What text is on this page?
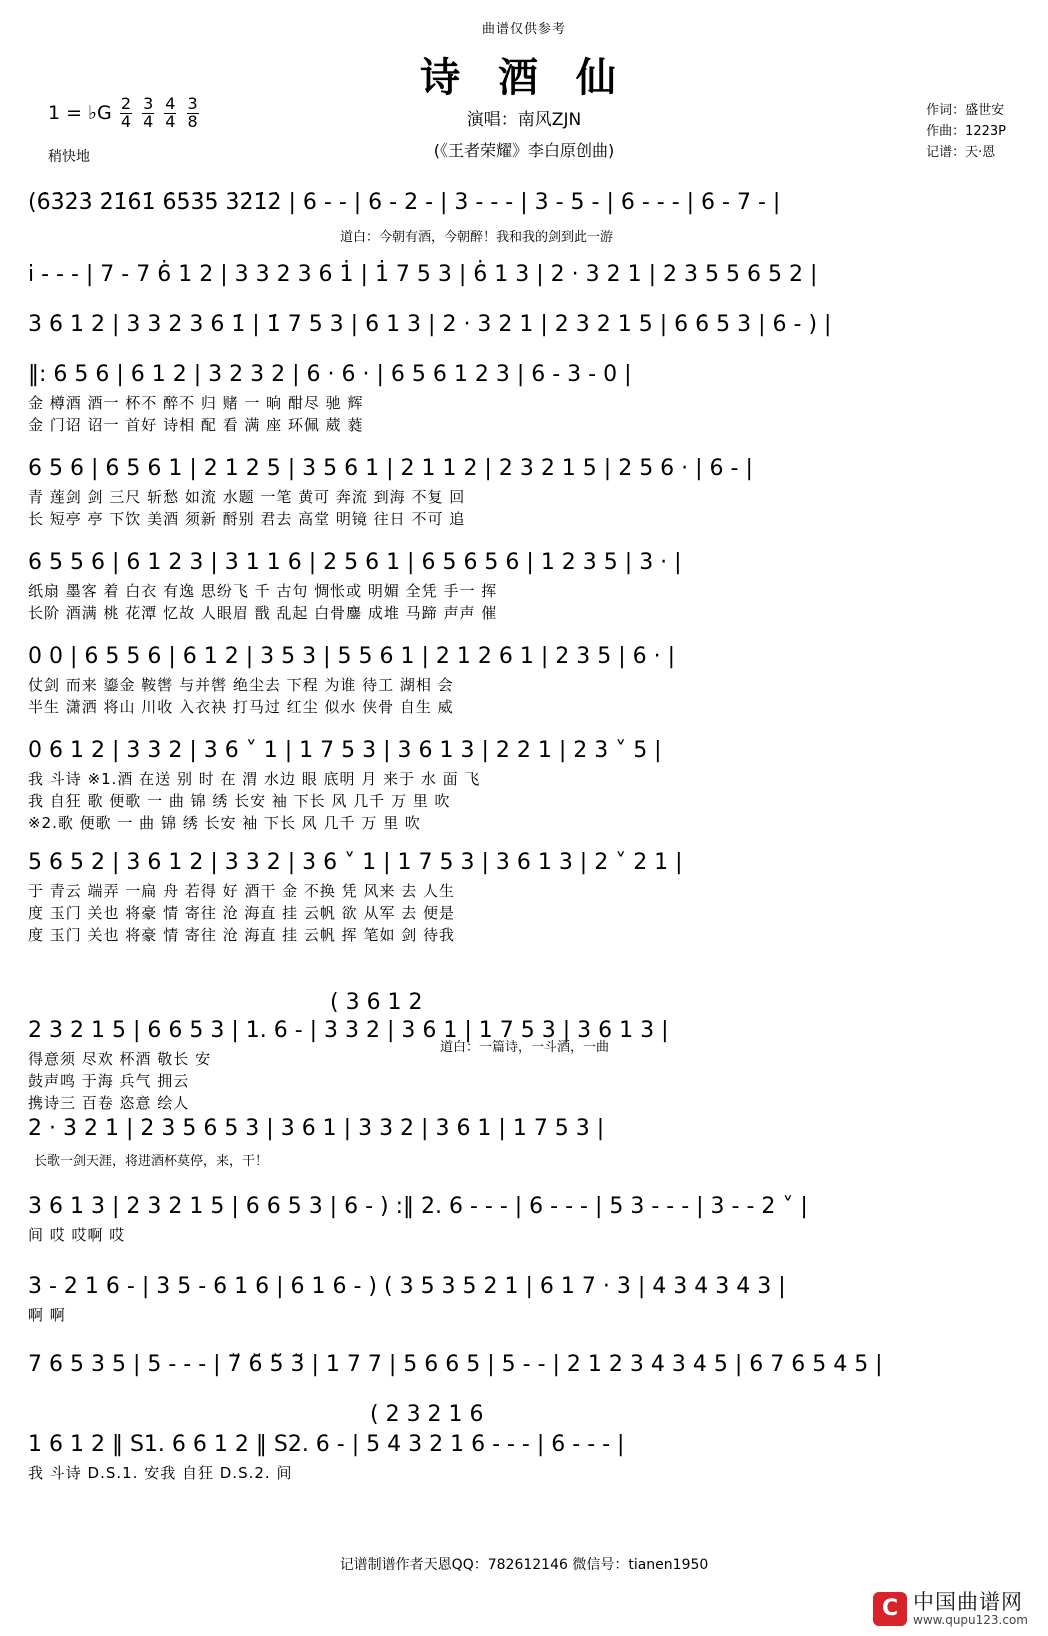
曲谱仅供参考
诗 酒 仙
演唱：南风ZJN
(《王者荣耀》李白原创曲)
作词：盛世安
作曲：1223P
记谱：天·恩
1 = ♭G $\frac{2}{4}$
$\frac{3}{4}$
$\frac{4}{4}$
$\frac{3}{8}$
稍快地
(6̇3̇2̇3̇ 2̇1̇6̇1̇ 6̇5̇3̇5̇ 3̇2̇1̇2̇ | 6 - - | 6 - 2 - | 3 - - - | 3 - 5 - | 6 - - - | 6 - 7 - |
道白：今朝有酒，今朝醉！我和我的剑到此一游
i̇ - - - | 7 - 7 6̇ 1 2 | 3 3 2 3 6 1̇ | 1̇ 7 5 3 | 6̇ 1 3 | 2 · 3 2 1 | 2 3 5 5 6 5 2 |
3 6̇ 1 2 | 3 3 2 3 6 1̇ | 1̇ 7 5 3 | 6̇ 1 3 | 2 · 3 2 1 | 2 3 2 1 5 | 6 6̇ 5 3 | 6 - ) |
‖: 6 5 6 | 6 1 2 | 3 2 3 2 | 6 · 6 · | 6 5 6 1 2 3 | 6 - 3 - 0 |
金 樽酒 酒一 杯不 醉不 归 赌 一 晌 酣尽 驰 辉
金 门诏 诏一 首好 诗相 配 看 满 座 环佩 葳 蕤
6 5 6 | 6 5 6 1 | 2 1 2 5 | 3 5 6 1 | 2 1 1 2 | 2 3 2 1 5 | 2 5 6 · | 6 - |
青 莲剑 剑 三尺 斩愁 如流 水题 一笔 黄可 奔流 到海 不复 回
长 短亭 亭 下饮 美酒 须新 酹别 君去 高堂 明镜 往日 不可 追
6 5 5 6 | 6 1 2 3 | 3 1 1 6 | 2 5 6 1 | 6 5 6 5 6 | 1 2 3 5 | 3 · |
纸扇 墨客 着 白衣 有逸 思纷飞 千 古句 惆怅或 明媚 全凭 手一 挥
长阶 酒满 桃 花潭 忆故 人眼眉 戬 乱起 白骨鏖 成堆 马蹄 声声 催
0 0 | 6 5 5 6 | 6 1 2 | 3 5 3 | 5 5 6 1 | 2 1 2 6 1 | 2 3 5 | 6 · |
仗剑 而来 鎏金 鞍辔 与并辔 绝尘去 下程 为谁 待工 湖相 会
半生 潇洒 将山 川收 入衣袂 打马过 红尘 似水 侠骨 自生 威
0 6 1 2 | 3 3 2 | 3 6 ˅ 1 | 1 7 5 3 | 3 6 1 3 | 2 2 1 | 2 3 ˅ 5 |
我 斗诗 ※1.酒 在送 别 时 在 渭 水边 眼 底明 月 来于 水 面 飞
我 自狂 歌 便歌 一 曲 锦 绣 长安 袖 下长 风 几千 万 里 吹
※2.歌 便歌 一 曲 锦 绣 长安 袖 下长 风 几千 万 里 吹
5 6 5 2 | 3 6 1 2 | 3 3 2 | 3 6 ˅ 1 | 1 7 5 3 | 3 6 1 3 | 2 ˅ 2 1 |
于 青云 端弄 一扁 舟 若得 好 酒干 金 不换 凭 风来 去 人生
度 玉门 关也 将豪 情 寄往 沧 海直 挂 云帆 欲 从军 去 便是
度 玉门 关也 将豪 情 寄往 沧 海直 挂 云帆 挥 笔如 剑 待我
( 3 6 1 2
2 3 2 1 5 | 6 6 5 3 | 1. 6 - | 3 3 2 | 3 6 1 | 1 7 5 3 | 3 6 1 3 |
得意须 尽欢 杯酒 敬长 安
鼓声鸣 于海 兵气 拥云
携诗三 百卷 恣意 绘人
道白：一篇诗，一斗酒，一曲
2 · 3 2 1 | 2 3 5 6 5 3 | 3 6 1 | 3 3 2 | 3 6 1 | 1 7 5 3 |
长歌一剑天涯，将进酒杯莫停，来，干！
3 6 1 3 | 2 3 2 1 5 | 6 6 5 3 | 6 - ) :‖ 2. 6 - - - | 6 - - - | 5 3 - - - | 3 - - 2 ˅ |
间 哎 哎啊 哎
3 - 2 1 6 - | 3 5 - 6 1 6 | 6 1 6 - ) ( 3 5 3 5 2 1 | 6 1 7 · 3 | 4 3 4 3 4 3 |
啊 啊
7 6 5 3 5 | 5 - - - | 7̆ 6̆ 5̆ 3̆ | 1 7 7 | 5 6 6 5 | 5 - - | 2 1 2 3 4 3 4 5 | 6 7 6 5 4 5 |
( 2 3 2 1 6
1 6 1 2 ‖ S1. 6 6 1 2 ‖ S2. 6 - | 5 4 3 2 1 6 - - - | 6 - - - |
我 斗诗 D.S.1. 安我 自狂 D.S.2. 间
记谱制谱作者天恩QQ：782612146 微信号：tianen1950
C 中国曲谱网
www.qupu123.com
